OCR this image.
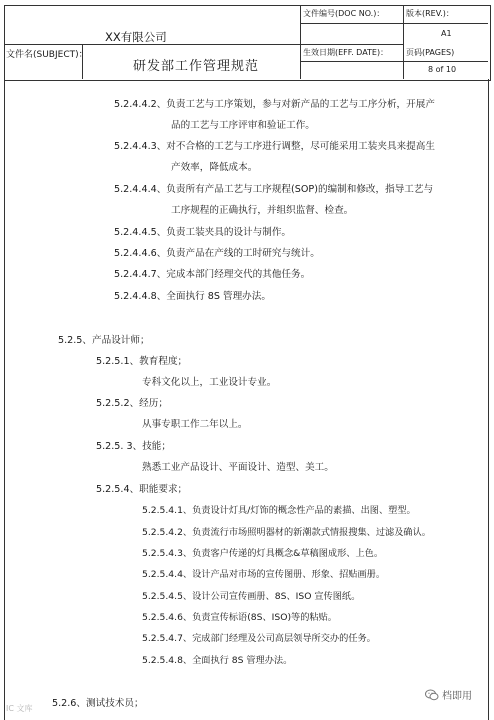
XX有限公司
文件名(SUBJECT)：
研发部工作管理规范
文件编号(DOC NO.)：	版本(REV.)：
A1
生效日期(EFF. DATE)： 页码(PAGES)
8 of 10
5.2.4.4.2、负责工艺与工序策划，参与对新产品的工艺与工序分析，开展产
品的工艺与工序评审和验证工作。
5.2.4.4.3、对不合格的工艺与工序进行调整，尽可能采用工装夹具来提高生
产效率，降低成本。
5.2.4.4.4、负责所有产品工艺与工序规程(SOP)的编制和修改，指导工艺与
工序规程的正确执行，并组织监督、检查。
5.2.4.4.5、负责工装夹具的设计与制作。
5.2.4.4.6、负责产品在产线的工时研究与统计。
5.2.4.4.7、完成本部门经理交代的其他任务。
5.2.4.4.8、全面执行 8S 管理办法。
5.2.5、产品设计师；
5.2.5.1、教育程度；
专科文化以上，工业设计专业。
5.2.5.2、经历；
从事专职工作二年以上。
5.2.5. 3、技能；
熟悉工业产品设计、平面设计、造型、美工。
5.2.5.4、职能要求；
5.2.5.4.1、负责设计灯具/灯饰的概念性产品的素描、出图、塑型。
5.2.5.4.2、负责流行市场照明器材的新潮款式情报搜集、过滤及确认。
5.2.5.4.3、负责客户传递的灯具概念&草稿图成形、上色。
5.2.5.4.4、设计产品对市场的宣传图册、形象、招贴画册。
5.2.5.4.5、设计公司宣传画册、8S、ISO 宣传图纸。
5.2.5.4.6、负责宣传标语(8S、ISO)等的粘贴。
5.2.5.4.7、完成部门经理及公司高层领导所交办的任务。
5.2.5.4.8、全面执行 8S 管理办法。
5.2.6、测试技术员；
IC 文库
档即用
